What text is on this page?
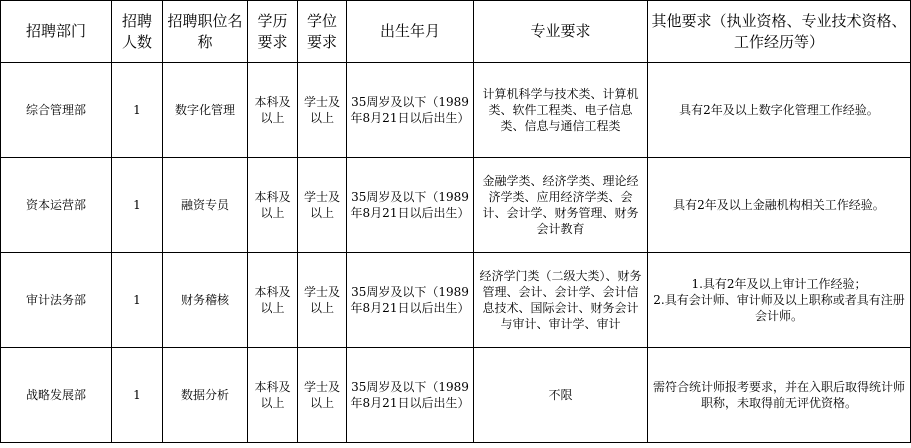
招聘部门	招聘人数	招聘职位名称	学历要求	学位要求	出生年月	专业要求	其他要求（执业资格、专业技术资格、工作经历等）
综合管理部	1	数字化管理	本科及以上	学士及以上	35周岁及以下（1989年8月21日以后出生）	计算机科学与技术类、计算机类、软件工程类、电子信息类、信息与通信工程类	具有2年及以上数字化管理工作经验。
资本运营部	1	融资专员	本科及以上	学士及以上	35周岁及以下（1989年8月21日以后出生）	金融学类、经济学类、理论经济学类、应用经济学类、会计、会计学、财务管理、财务会计教育	具有2年及以上金融机构相关工作经验。
审计法务部	1	财务稽核	本科及以上	学士及以上	35周岁及以下（1989年8月21日以后出生）	经济学门类（二级大类）、财务管理、会计、会计学、会计信息技术、国际会计、财务会计与审计、审计学、审计	1.具有2年及以上审计工作经验；
2.具有会计师、审计师及以上职称或者具有注册会计师。
战略发展部	1	数据分析	本科及以上	学士及以上	35周岁及以下（1989年8月21日以后出生）	不限	需符合统计师报考要求，并在入职后取得统计师职称，未取得前无评优资格。
